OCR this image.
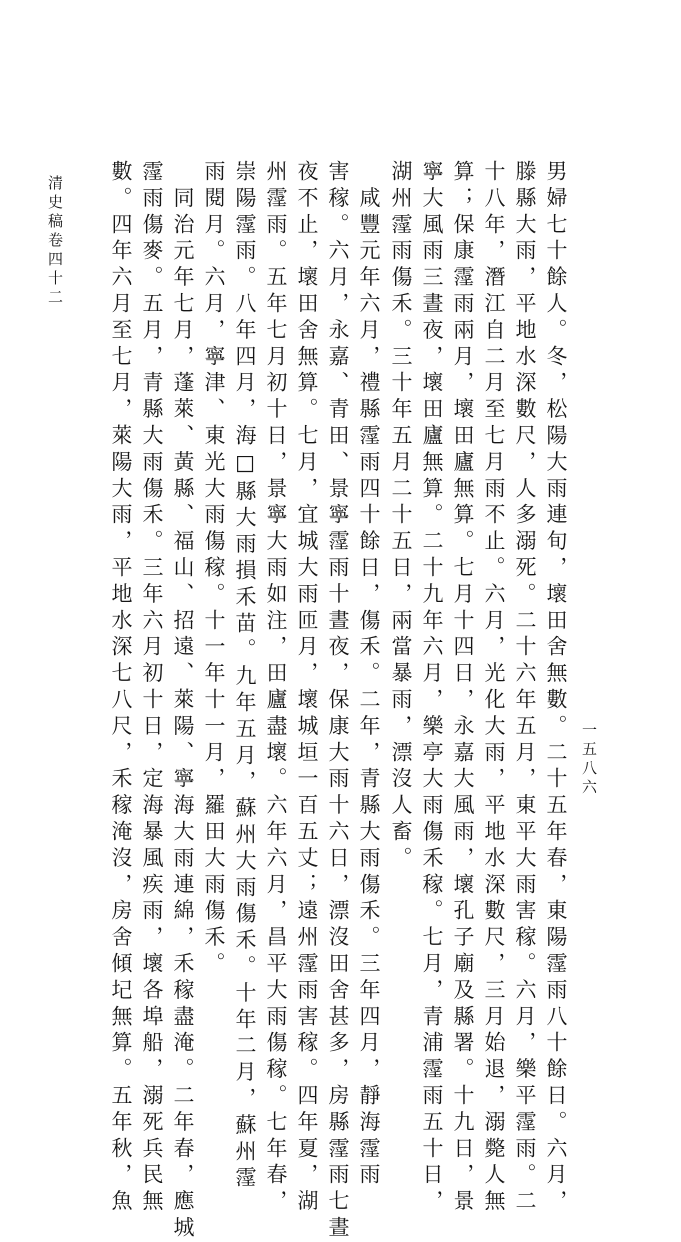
清史稿卷四十二
一五八六
男婦七十餘人。冬，松陽大雨連旬，壞田舍無數。二十五年春，東陽霪雨八十餘日。六月，
滕縣大雨，平地水深數尺，人多溺死。二十六年五月，東平大雨害稼。六月，樂平霪雨。二
十八年，潛江自二月至七月雨不止。六月，光化大雨，平地水深數尺，三月始退，溺斃人無
算；保康霪雨兩月，壞田廬無算。七月十四日，永嘉大風雨，壞孔子廟及縣署。十九日，景
寧大風雨三晝夜，壞田廬無算。二十九年六月，樂亭大雨傷禾稼。七月，青浦霪雨五十日，
湖州霪雨傷禾。三十年五月二十五日，兩當暴雨，漂沒人畜。
　咸豐元年六月，禮縣霪雨四十餘日，傷禾。二年，青縣大雨傷禾。三年四月，靜海霪雨
害稼。六月，永嘉、青田、景寧霪雨十晝夜，保康大雨十六日，漂沒田舍甚多，房縣霪雨七晝
夜不止，壞田舍無算。七月，宜城大雨匝月，壞城垣一百五丈；遠州霪雨害稼。四年夏，湖
州霪雨。五年七月初十日，景寧大雨如注，田廬盡壞。六年六月，昌平大雨傷稼。七年春，
崇陽霪雨。八年四月，海□縣大雨損禾苗。九年五月，蘇州大雨傷禾。十年二月，蘇州霪
雨閱月。六月，寧津、東光大雨傷稼。十一年十一月，羅田大雨傷禾。
　同治元年七月，蓬萊、黃縣、福山、招遠、萊陽、寧海大雨連綿，禾稼盡淹。二年春，應城
霪雨傷麥。五月，青縣大雨傷禾。三年六月初十日，定海暴風疾雨，壞各埠船，溺死兵民無
數。四年六月至七月，萊陽大雨，平地水深七八尺，禾稼淹沒，房舍傾圮無算。五年秋，魚
